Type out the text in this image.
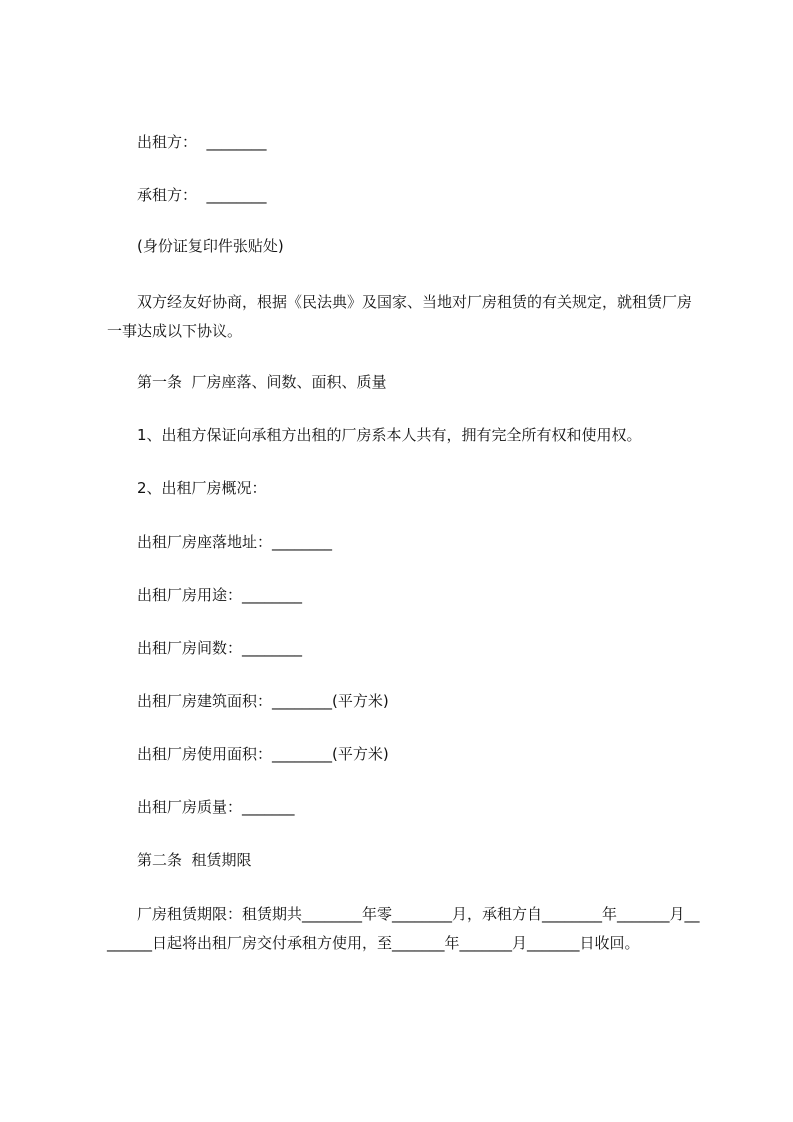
出租方：  ________
承租方：  ________
(身份证复印件张贴处)
双方经友好协商，根据《民法典》及国家、当地对厂房租赁的有关规定，就租赁厂房一事达成以下协议。
第一条  厂房座落、间数、面积、质量
1、出租方保证向承租方出租的厂房系本人共有，拥有完全所有权和使用权。
2、出租厂房概况：
出租厂房座落地址：________
出租厂房用途：________
出租厂房间数：________
出租厂房建筑面积：________(平方米)
出租厂房使用面积：________(平方米)
出租厂房质量：_______
第二条  租赁期限
厂房租赁期限：租赁期共________年零________月，承租方自________年_______月________日起将出租厂房交付承租方使用，至_______年_______月_______日收回。
